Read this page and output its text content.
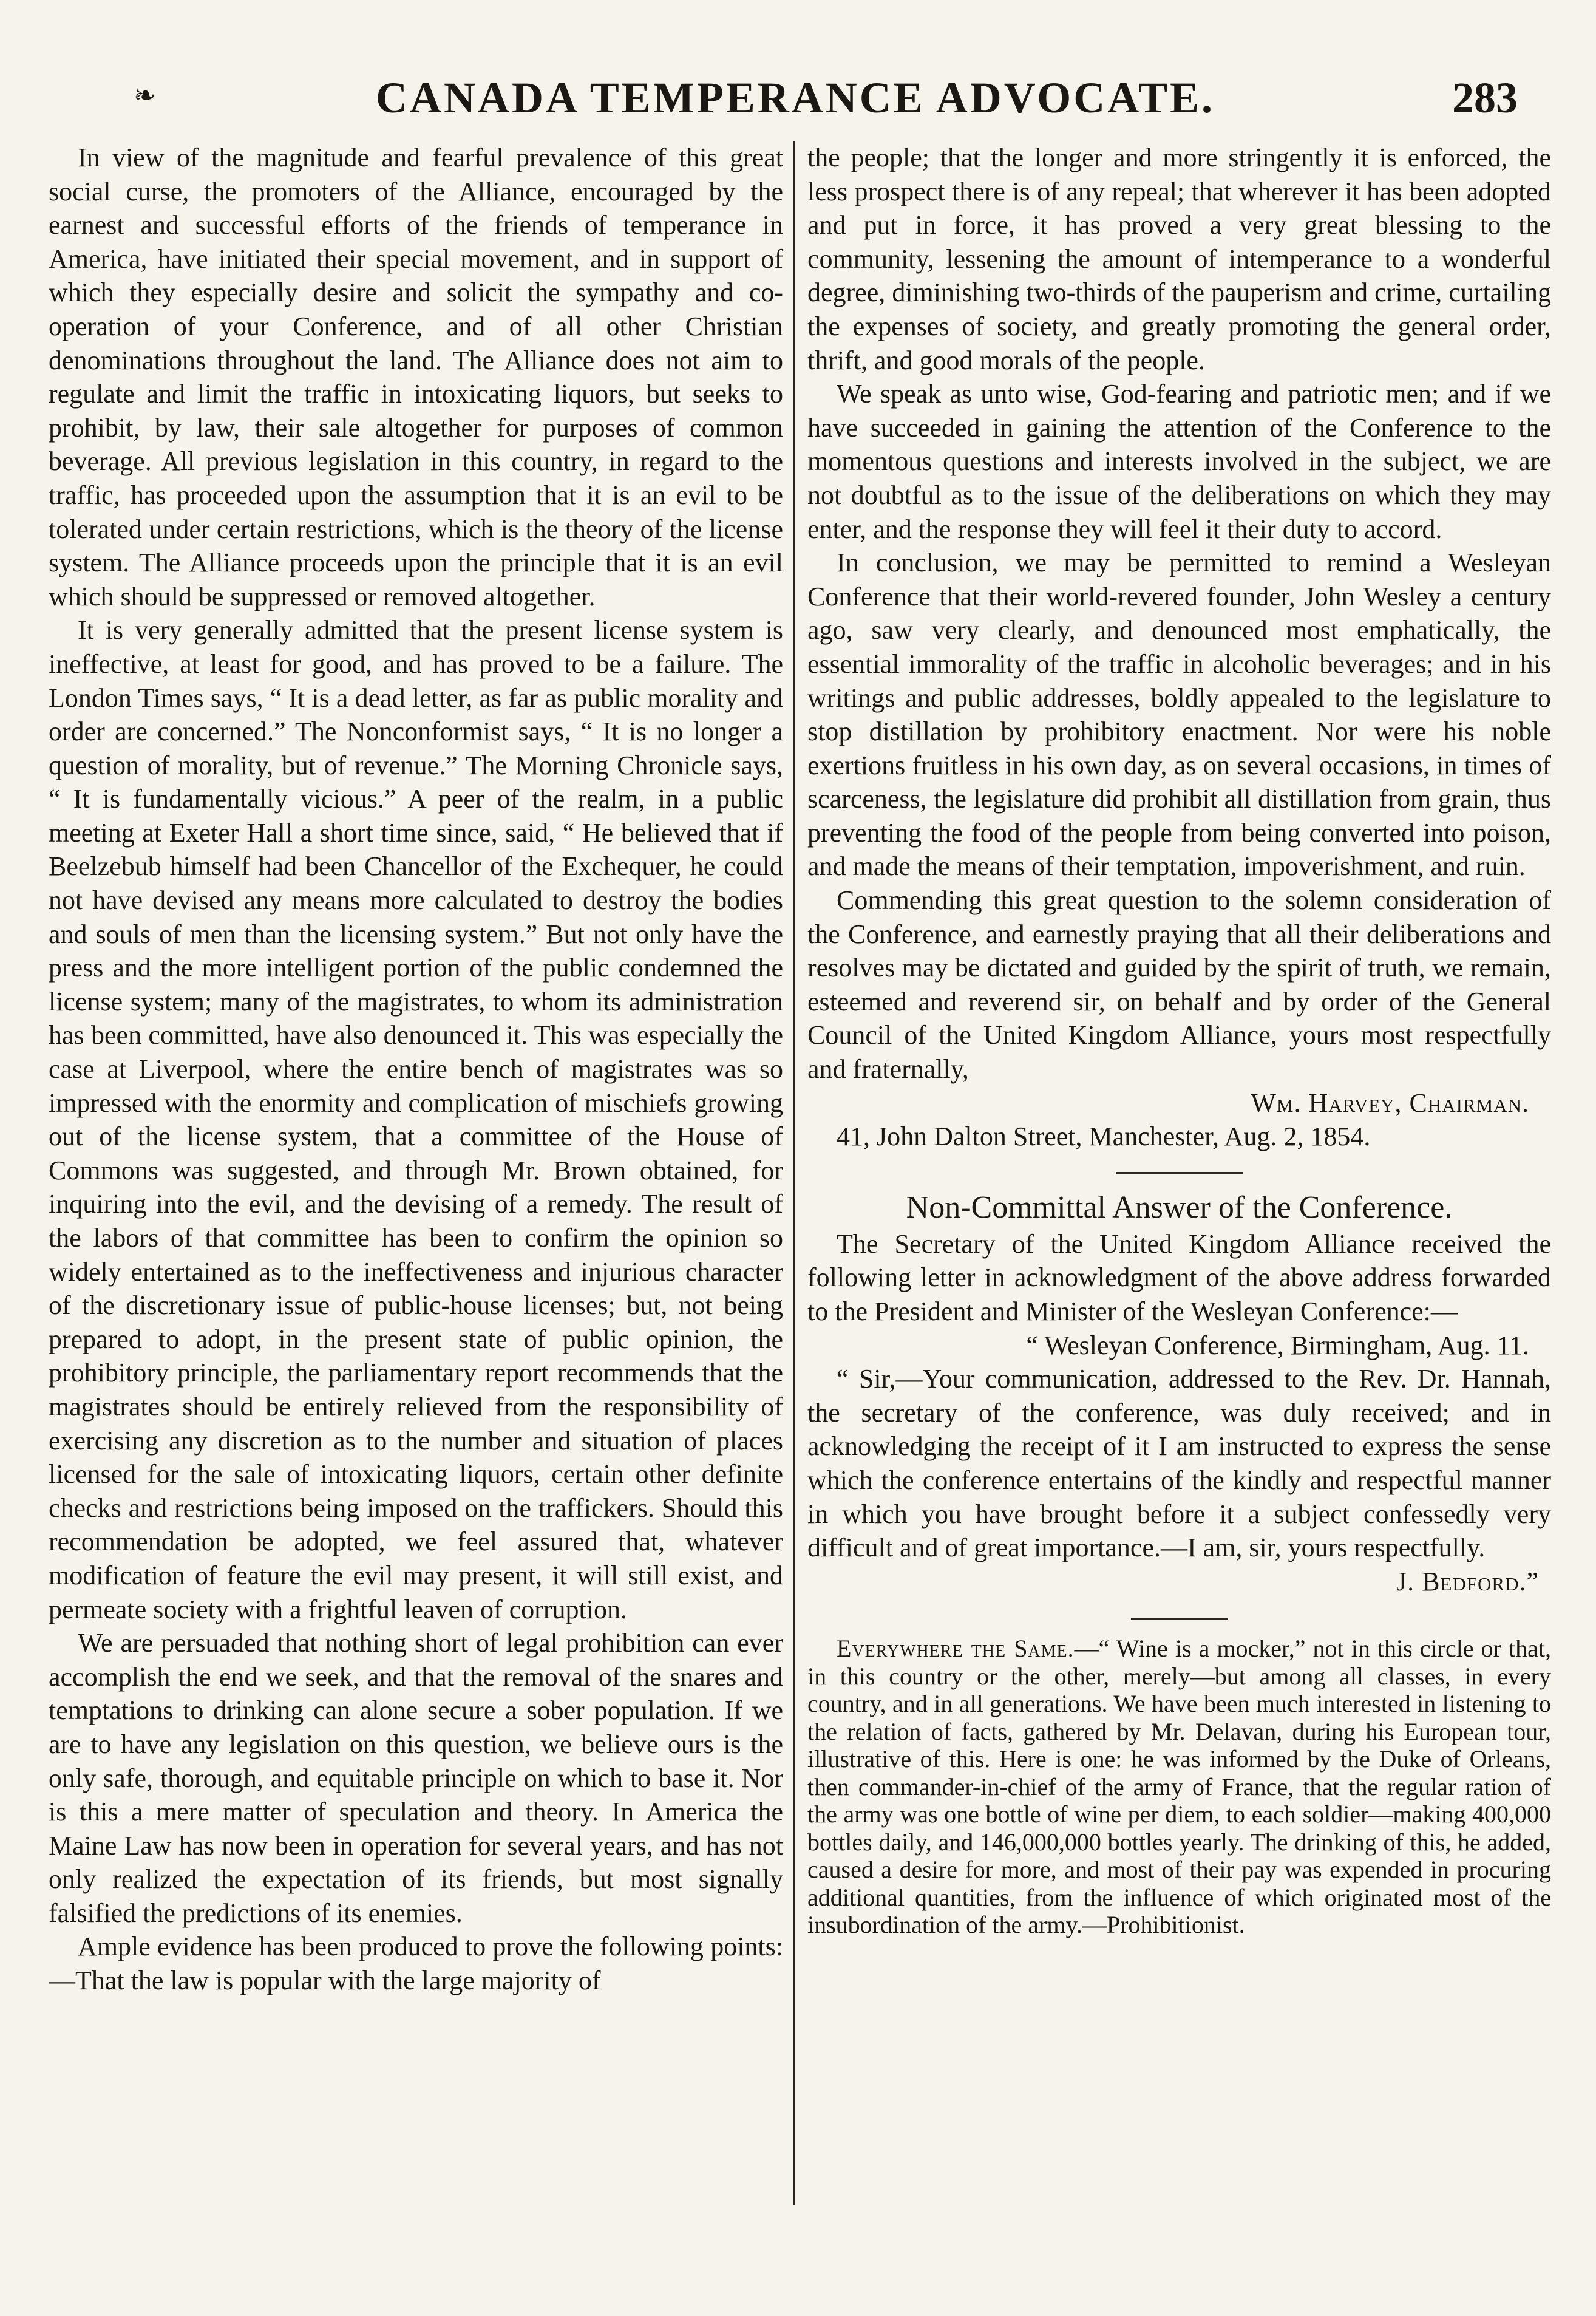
❧	CANADA TEMPERANCE ADVOCATE.	283

In view of the magnitude and fearful prevalence of this great social curse, the promoters of the Alliance, encouraged by the earnest and successful efforts of the friends of temperance in America, have initiated their special movement, and in support of which they especially desire and solicit the sympathy and co-operation of your Conference, and of all other Christian denominations throughout the land. The Alliance does not aim to regulate and limit the traffic in intoxicating liquors, but seeks to prohibit, by law, their sale altogether for purposes of common beverage. All previous legislation in this country, in regard to the traffic, has proceeded upon the assumption that it is an evil to be tolerated under certain restrictions, which is the theory of the license system. The Alliance proceeds upon the principle that it is an evil which should be suppressed or removed altogether.

It is very generally admitted that the present license system is ineffective, at least for good, and has proved to be a failure. The London Times says, “ It is a dead letter, as far as public morality and order are concerned.” The Nonconformist says, “ It is no longer a question of morality, but of revenue.” The Morning Chronicle says, “ It is fundamentally vicious.” A peer of the realm, in a public meeting at Exeter Hall a short time since, said, “ He believed that if Beelzebub himself had been Chancellor of the Exchequer, he could not have devised any means more calculated to destroy the bodies and souls of men than the licensing system.” But not only have the press and the more intelligent portion of the public condemned the license system; many of the magistrates, to whom its administration has been committed, have also denounced it. This was especially the case at Liverpool, where the entire bench of magistrates was so impressed with the enormity and complication of mischiefs growing out of the license system, that a committee of the House of Commons was suggested, and through Mr. Brown obtained, for inquiring into the evil, and the devising of a remedy. The result of the labors of that committee has been to confirm the opinion so widely entertained as to the ineffectiveness and injurious character of the discretionary issue of public-house licenses; but, not being prepared to adopt, in the present state of public opinion, the prohibitory principle, the parliamentary report recommends that the magistrates should be entirely relieved from the responsibility of exercising any discretion as to the number and situation of places licensed for the sale of intoxicating liquors, certain other definite checks and restrictions being imposed on the traffickers. Should this recommendation be adopted, we feel assured that, whatever modification of feature the evil may present, it will still exist, and permeate society with a frightful leaven of corruption.

We are persuaded that nothing short of legal prohibition can ever accomplish the end we seek, and that the removal of the snares and temptations to drinking can alone secure a sober population. If we are to have any legislation on this question, we believe ours is the only safe, thorough, and equitable principle on which to base it. Nor is this a mere matter of speculation and theory. In America the Maine Law has now been in operation for several years, and has not only realized the expectation of its friends, but most signally falsified the predictions of its enemies.

Ample evidence has been produced to prove the following points:—That the law is popular with the large majority of

the people; that the longer and more stringently it is enforced, the less prospect there is of any repeal; that wherever it has been adopted and put in force, it has proved a very great blessing to the community, lessening the amount of intemperance to a wonderful degree, diminishing two-thirds of the pauperism and crime, curtailing the expenses of society, and greatly promoting the general order, thrift, and good morals of the people.

We speak as unto wise, God-fearing and patriotic men; and if we have succeeded in gaining the attention of the Conference to the momentous questions and interests involved in the subject, we are not doubtful as to the issue of the deliberations on which they may enter, and the response they will feel it their duty to accord.

In conclusion, we may be permitted to remind a Wesleyan Conference that their world-revered founder, John Wesley a century ago, saw very clearly, and denounced most emphatically, the essential immorality of the traffic in alcoholic beverages; and in his writings and public addresses, boldly appealed to the legislature to stop distillation by prohibitory enactment. Nor were his noble exertions fruitless in his own day, as on several occasions, in times of scarceness, the legislature did prohibit all distillation from grain, thus preventing the food of the people from being converted into poison, and made the means of their temptation, impoverishment, and ruin.

Commending this great question to the solemn consideration of the Conference, and earnestly praying that all their deliberations and resolves may be dictated and guided by the spirit of truth, we remain, esteemed and reverend sir, on behalf and by order of the General Council of the United Kingdom Alliance, yours most respectfully and fraternally,

Wm. Harvey, Chairman.

41, John Dalton Street, Manchester, Aug. 2, 1854.

Non-Committal Answer of the Conference.

The Secretary of the United Kingdom Alliance received the following letter in acknowledgment of the above address forwarded to the President and Minister of the Wesleyan Conference:—

“ Wesleyan Conference, Birmingham, Aug. 11.

“ Sir,—Your communication, addressed to the Rev. Dr. Hannah, the secretary of the conference, was duly received; and in acknowledging the receipt of it I am instructed to express the sense which the conference entertains of the kindly and respectful manner in which you have brought before it a subject confessedly very difficult and of great importance.—I am, sir, yours respectfully.

J. Bedford.”

Everywhere the Same.—“ Wine is a mocker,” not in this circle or that, in this country or the other, merely—but among all classes, in every country, and in all generations. We have been much interested in listening to the relation of facts, gathered by Mr. Delavan, during his European tour, illustrative of this. Here is one: he was informed by the Duke of Orleans, then commander-in-chief of the army of France, that the regular ration of the army was one bottle of wine per diem, to each soldier—making 400,000 bottles daily, and 146,000,000 bottles yearly. The drinking of this, he added, caused a desire for more, and most of their pay was expended in procuring additional quantities, from the influence of which originated most of the insubordination of the army.—Prohibitionist.
